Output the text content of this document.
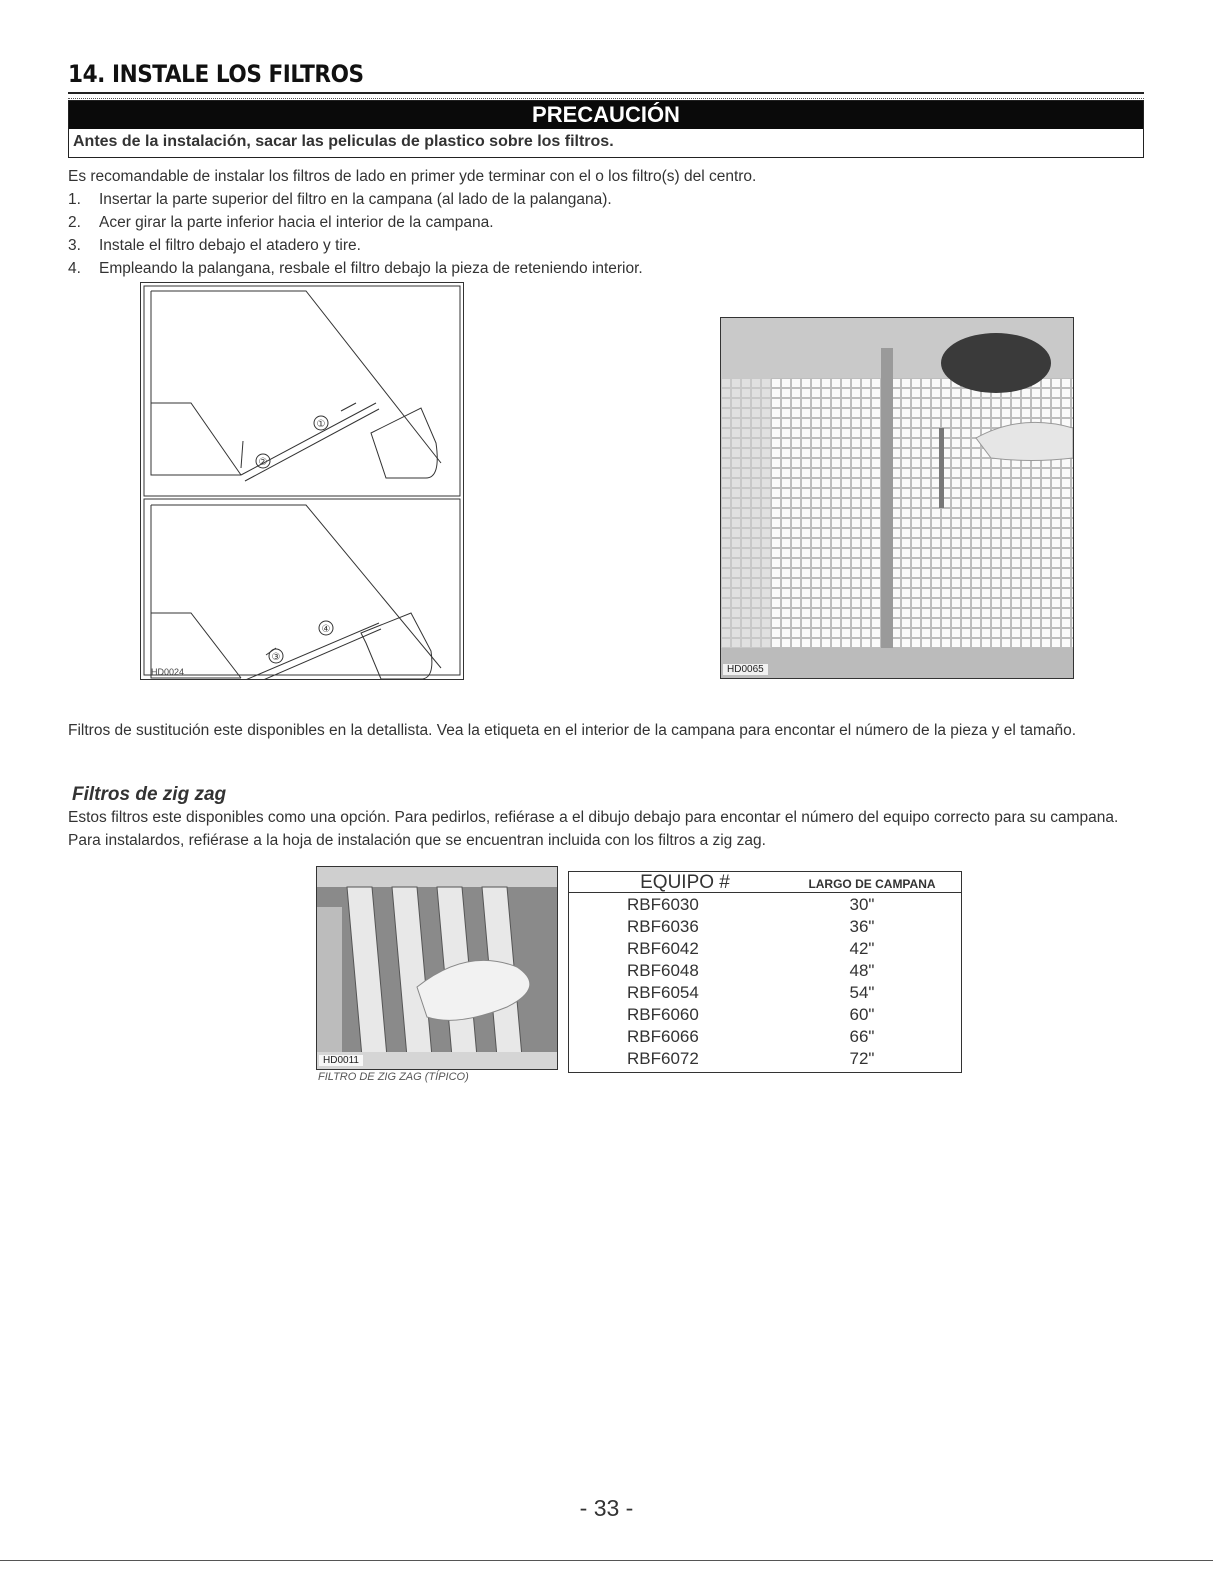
14. INSTALE LOS FILTROS
PRECAUCIÓN
Antes de la instalación, sacar las peliculas de plastico sobre los filtros.
Es recomandable de instalar los filtros de lado en primer yde terminar con el o los filtro(s) del centro.
1. Insertar la parte superior del filtro en la campana (al lado de la palangana).
2. Acer girar la parte inferior hacia el interior de la campana.
3. Instale el filtro debajo el atadero y tire.
4. Empleando la palangana, resbale el filtro debajo la pieza de reteniendo interior.
①
②
③
④
HD0024	HD0065
Filtros de sustitución este disponibles en la detallista. Vea la etiqueta en el interior de la campana para encontar el número de la pieza y el tamaño.
Filtros de zig zag
Estos filtros este disponibles como una opción. Para pedirlos, refiérase a el dibujo debajo para encontar el número del equipo correcto para su campana. Para instalardos, refiérase a la hoja de instalación que se encuentran incluida con los filtros a zig zag.
HD0011
FILTRO DE ZIG ZAG (TÍPICO)
EQUIPO #	LARGO DE CAMPANA
RBF6030	30"
RBF6036	36"
RBF6042	42"
RBF6048	48"
RBF6054	54"
RBF6060	60"
RBF6066	66"
RBF6072	72"
- 33 -
